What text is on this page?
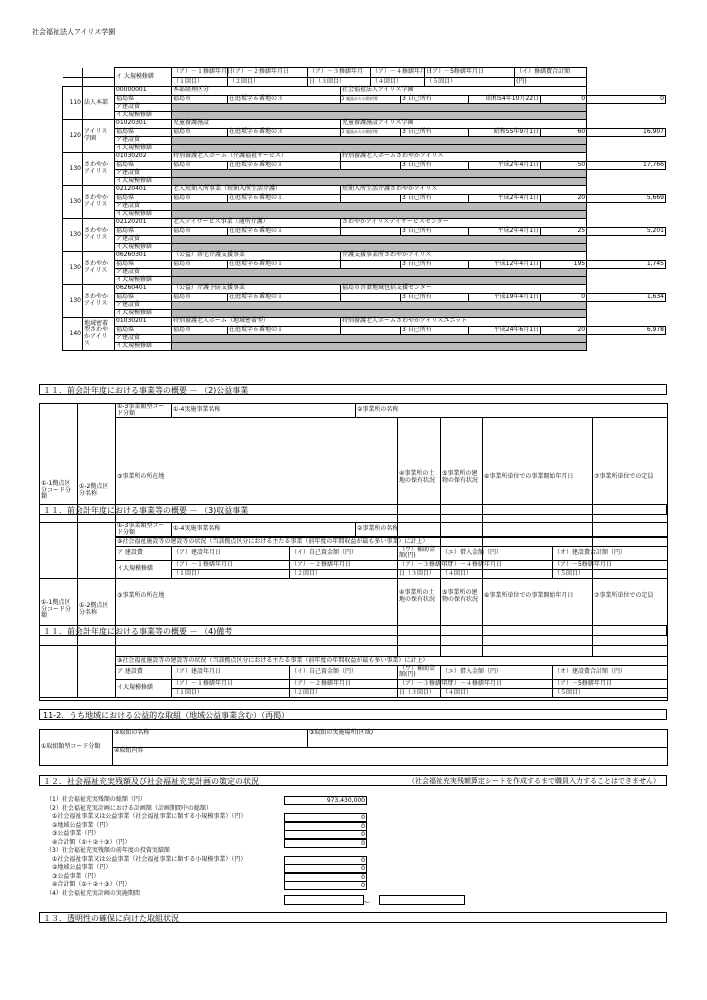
社会福祉法人アイリス学園
		イ 大規模修繕	（ア）－１修繕年月日	（ア）－２修繕年月日	（ア）－３修繕年月		（ア）－４修繕年月日		（ア）－5修繕年月日		（イ）修繕費合計額		
			（１回目）	（２回目）	日（３回目）		（４回目）		（５回目）		(円)		
110	法人本部	00000001	本部経理区分			社会福祉法人アイリス学園							
		福島県	福島市	在庭坂字６番地の３		2 施設からの借用等		3 自己所有		昭和54年10月22日		0	0
		ア建設費											
		イ大規模修繕											
120	アイリス学園	01020301	児童養護施設			児童養護施設アイリス学園							
		福島県	福島市	在庭坂字６番地の３		2 施設からの借用等		3 自己所有		昭和55年9月1日		60	16,907
		ア建設費											
		イ大規模修繕											
130	さわやかアイリス	01030202	特別養護老人ホーム（介護福祉サービス）			特別養護老人ホームさわやかアイリス							
		福島県	福島市	在庭坂字６番地の１				3 自己所有		平成2年4月1日		50	17,766
		ア建設費											
		イ大規模修繕											
130	さわやかアイリス	02120401	老人短期入所事業（短期入所生活介護）			短期入所生活介護さわやかアイリス							
		福島県	福島市	在庭坂字６番地の１				3 自己所有		平成2年4月1日		20	5,669
		ア建設費											
		イ大規模修繕											
130	さわやかアイリス	02120201	老人デイサービス事業（通所介護）			さわやかアイリスデイサービスセンター							
		福島県	福島市	在庭坂字６番地の１				3 自己所有		平成2年4月1日		25	5,201
		ア建設費											
		イ大規模修繕											
130	さわやかアイリス	06260301	（公益）居宅介護支援事業			介護支援事業所さわやかアイリス							
		福島県	福島市	在庭坂字６番地の１				3 自己所有		平成12年4月1日		195	1,745
		ア建設費											
		イ大規模修繕											
130	さわやかアイリス	06260401	（公益）介護予防支援事業			福島市吾妻地域包括支援センター							
		福島県	福島市	在庭坂字６番地の１				3 自己所有		平成19年4月1日		0	1,634
		ア建設費											
		イ大規模修繕											
140	地域密着型さわやかアイリス	01030201	特別養護老人ホーム（地域密着型）			特別養護老人ホームさわやかアイリスユニット							
		福島県	福島市	在庭坂字６番地の１				3 自己所有		平成24年6月1日		20	6,978
		ア建設費											
		イ大規模修繕											
１１．前会計年度における事業等の概要 － （2)公益事業
①-1拠点区分コード分類	①-2拠点区分名称	①-3事業類型コード分類	①-4実施事業名称		②事業所の名称						
		③事業所の所在地				④事業所の土地の保有状況	⑤事業所の建物の保有状況	⑥事業所単位での事業開始年月日		⑦事業所単位での定員	
		⑨社会福祉施設等の建設等の状況（当該拠点区分における主たる事業（前年度の年間収益が最も多い事業）に計上）									
		ア 建設費	（ア）建設年月日	（イ）自己資金額（円）		（ウ）補助金額(円)	（エ）借入金額（円）		（オ）建設費合計額（円）	
		イ大規模修繕	（ア）－１修繕年月日	（ア）－２修繕年月日		（ア）－３修繕年月	（ア）－４修繕年月日		（ア）－5修繕年月日	
			（１回目）	（２回目）		日（３回目）	（４回目）		（５回目）	
１１．前会計年度における事業等の概要 － （3)収益事業
①-1拠点区分コード分類	①-2拠点区分名称	①-3事業類型コード分類	①-4実施事業名称		②事業所の名称						
		③事業所の所在地				④事業所の土地の保有状況	⑤事業所の建物の保有状況	⑥事業所単位での事業開始年月日		⑦事業所単位での定員	
		⑨社会福祉施設等の建設等の状況（当該拠点区分における主たる事業（前年度の年間収益が最も多い事業）に計上）									
		ア 建設費	（ア）建設年月日	（イ）自己資金額（円）		（ウ）補助金額(円)	（エ）借入金額（円）		（オ）建設費合計額（円）	
		イ大規模修繕	（ア）－１修繕年月日	（ア）－２修繕年月日		（ア）－３修繕年月	（ア）－４修繕年月日		（ア）－5修繕年月日	
			（１回目）	（２回目）		日（３回目）	（４回目）		（５回目）	
１１．前会計年度における事業等の概要 － （4)備考
11-2．うち地域における公益的な取組（地域公益事業含む）（再掲）
①取組類型コード分類	②取組の名称	③取組の実施場所(区域)
④取組内容
１２．社会福祉充実残額及び社会福祉充実計画の策定の状況	（社会福祉充実残額算定シートを作成するまで職員入力することはできません）
（1）社会福祉充実残額の総額（円）	973,430,000
（2）社会福祉充実計画における計画額（計画期間中の総額）
①社会福祉事業又は公益事業（社会福祉事業に類する小規模事業）（円）	0
②地域公益事業（円）	0
③公益事業（円）	0
④合計額（①＋②＋③）（円）	0
（3）社会福祉充実残額の前年度の投資実績額
①社会福祉事業又は公益事業（社会福祉事業に類する小規模事業）（円）	0
②地域公益事業（円）	0
③公益事業（円）	0
④合計額（①＋②＋③）（円）	0
（4）社会福祉充実計画の実施期間
～
１３．透明性の確保に向けた取組状況
